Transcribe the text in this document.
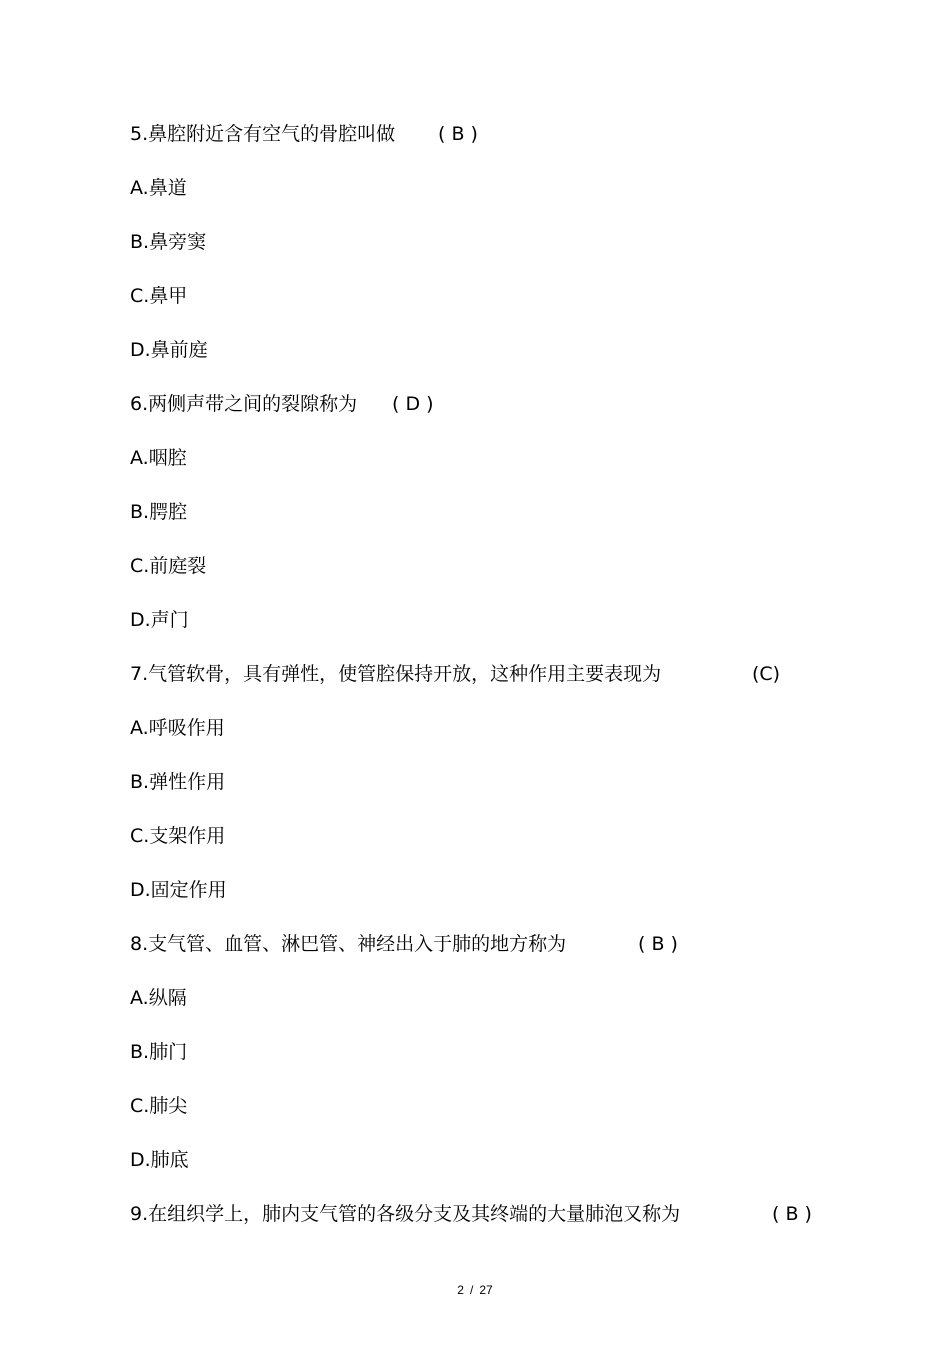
5.鼻腔附近含有空气的骨腔叫做 ( B )
A.鼻道
B.鼻旁窦
C.鼻甲
D.鼻前庭
6.两侧声带之间的裂隙称为 ( D )
A.咽腔
B.腭腔
C.前庭裂
D.声门
7.气管软骨，具有弹性，使管腔保持开放，这种作用主要表现为	(C)
A.呼吸作用
B.弹性作用
C.支架作用
D.固定作用
8.支气管、血管、淋巴管、神经出入于肺的地方称为	( B )
A.纵隔
B.肺门
C.肺尖
D.肺底
9.在组织学上，肺内支气管的各级分支及其终端的大量肺泡又称为	( B )
2 / 27
